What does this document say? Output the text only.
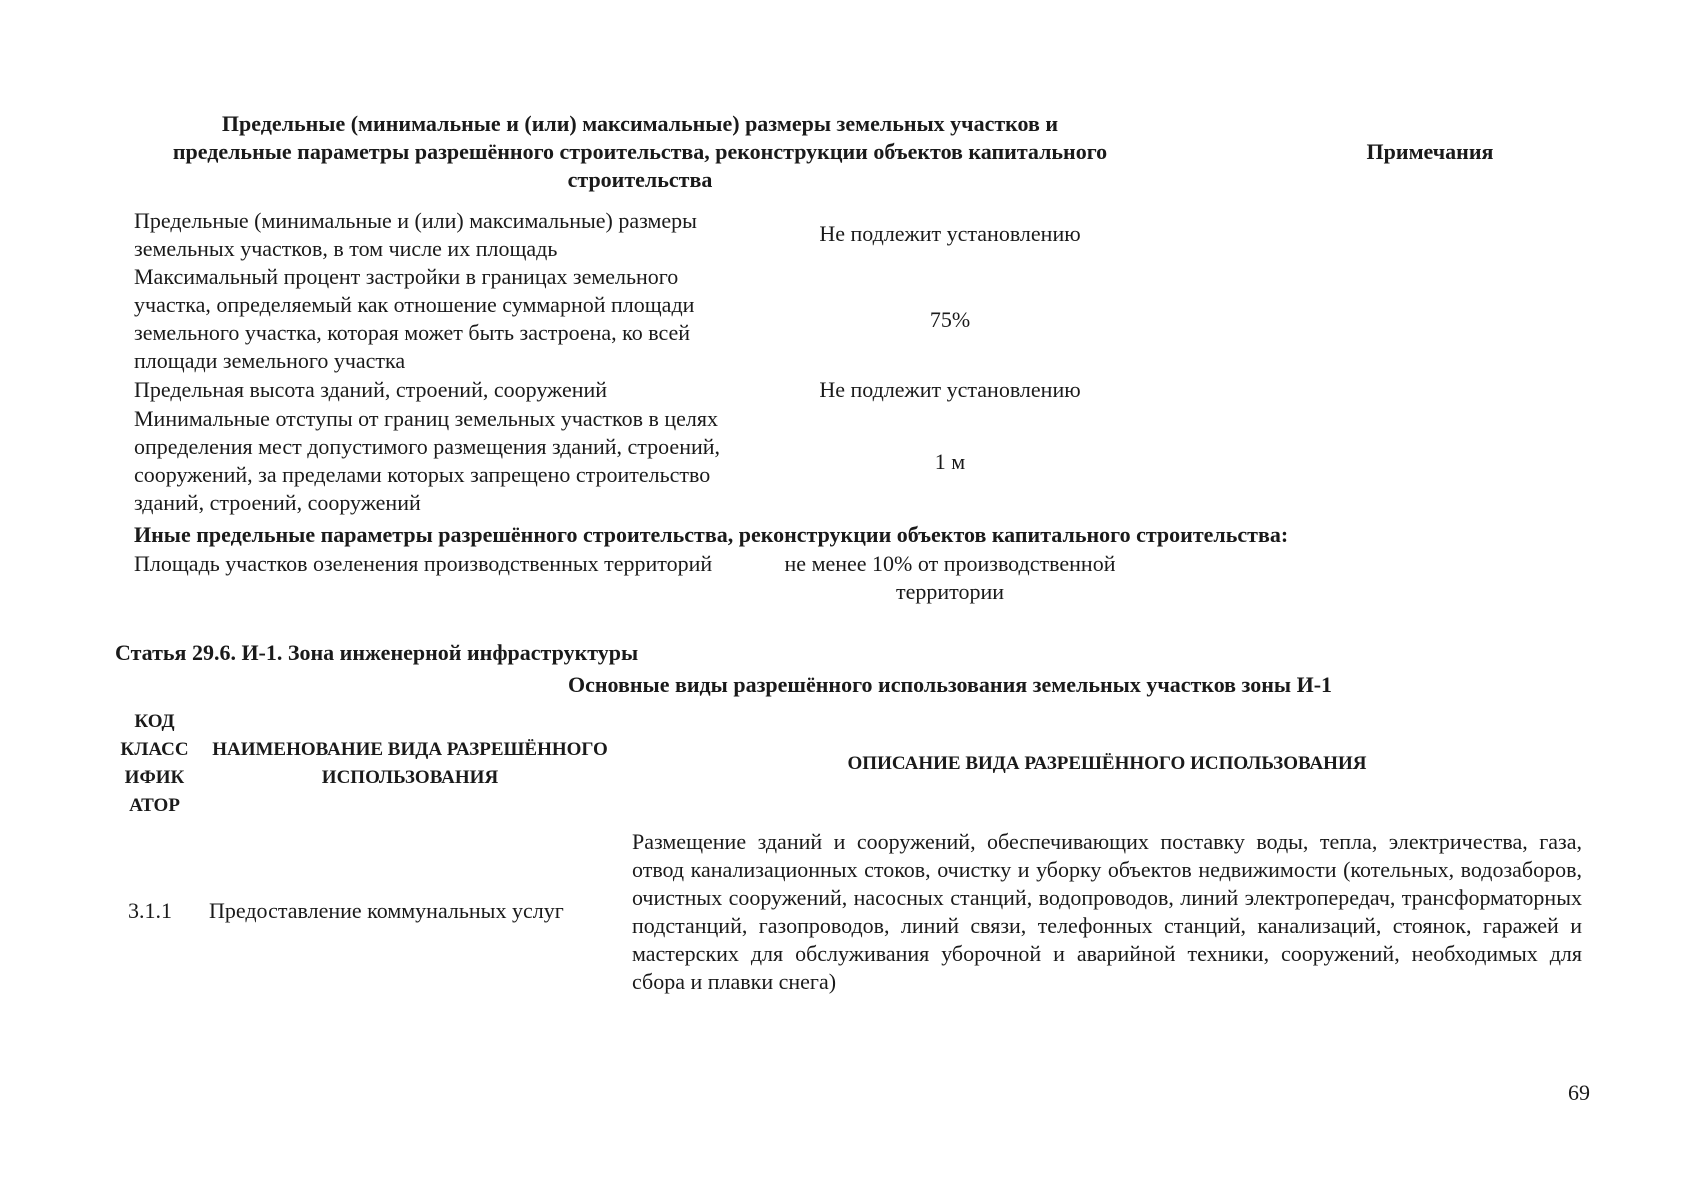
Предельные (минимальные и (или) максимальные) размеры земельных участков и предельные параметры разрешённого строительства, реконструкции объектов капитального строительства
Примечания
Предельные (минимальные и (или) максимальные) размеры земельных участков, в том числе их площадь
Не подлежит установлению
Максимальный процент застройки в границах земельного участка, определяемый как отношение суммарной площади земельного участка, которая может быть застроена, ко всей площади земельного участка
75%
Предельная высота зданий, строений, сооружений	Не подлежит установлению
Минимальные отступы от границ земельных участков в целях определения мест допустимого размещения зданий, строений, сооружений, за пределами которых запрещено строительство зданий, строений, сооружений
1 м
Иные предельные параметры разрешённого строительства, реконструкции объектов капитального строительства:
Площадь участков озеленения производственных территорий	не менее 10% от производственной территории
Статья 29.6. И-1. Зона инженерной инфраструктуры
Основные виды разрешённого использования земельных участков зоны И-1
КОД КЛАСС ИФИК АТОР
НАИМЕНОВАНИЕ ВИДА РАЗРЕШЁННОГО ИСПОЛЬЗОВАНИЯ
ОПИСАНИЕ ВИДА РАЗРЕШЁННОГО ИСПОЛЬЗОВАНИЯ
3.1.1 Предоставление коммунальных услуг
Размещение зданий и сооружений, обеспечивающих поставку воды, тепла, электричества, газа, отвод канализационных стоков, очистку и уборку объектов недвижимости (котельных, водозаборов, очистных сооружений, насосных станций, водопроводов, линий электропередач, трансформаторных подстанций, газопроводов, линий связи, телефонных станций, канализаций, стоянок, гаражей и мастерских для обслуживания уборочной и аварийной техники, сооружений, необходимых для сбора и плавки снега)
69
